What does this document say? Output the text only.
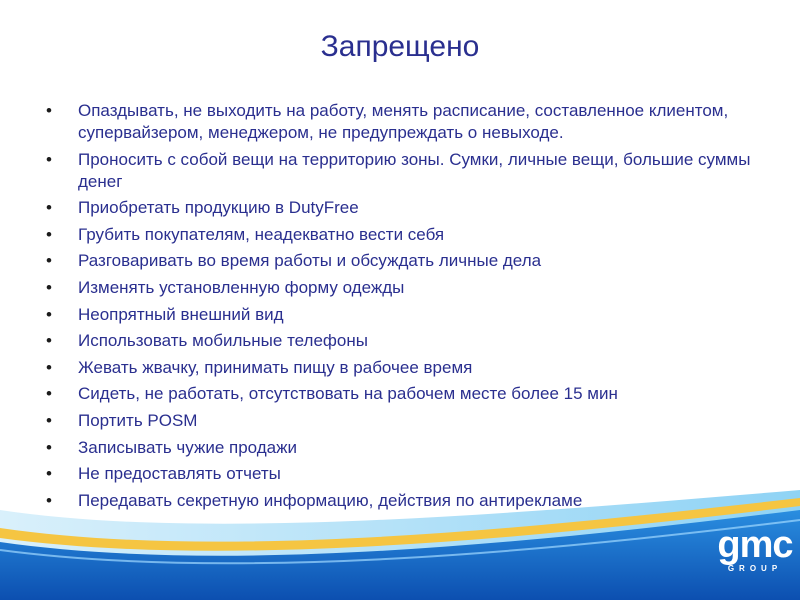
Запрещено
• Опаздывать, не выходить на работу, менять расписание, составленное клиентом, супервайзером, менеджером, не предупреждать о невыходе.
• Проносить с собой вещи на территорию зоны. Сумки, личные вещи, большие суммы денег
• Приобретать продукцию в DutyFree
• Грубить покупателям, неадекватно вести себя
• Разговаривать во время работы и обсуждать личные дела
• Изменять установленную форму одежды
• Неопрятный внешний вид
• Использовать мобильные телефоны
• Жевать жвачку, принимать пищу в рабочее время
• Сидеть, не работать, отсутствовать на рабочем месте более 15 мин
• Портить POSM
• Записывать чужие продажи
• Не предоставлять отчеты
• Передавать секретную информацию, действия по антирекламе
gmc
GROUP
